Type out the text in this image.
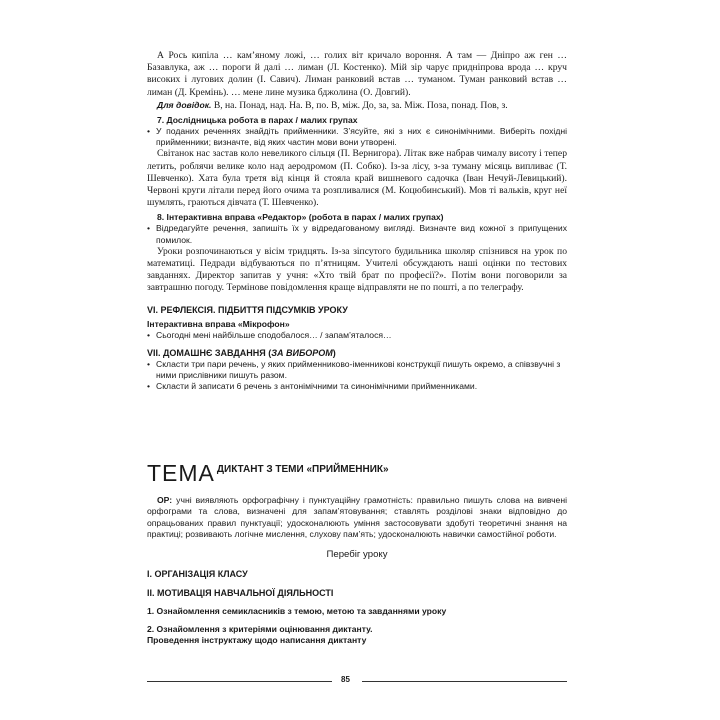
А Рось кипіла … кам’яному ложі, … голих віт кричало вороння. А там — Дніпро аж ген … Базавлука, аж … пороги й далі … лиман (Л. Костенко). Мій зір чарує придніпрова врода … круч високих і лугових долин (І. Савич). Лиман ранковий встав … туманом. Туман ранковий встав … лиман (Д. Кремінь). … мене лине музика бджолина (О. Довгий).

Для довідок. В, на. Понад, над. На. В, по. В, між. До, за, за. Між. Поза, понад. Пов, з.

7. Дослідницька робота в парах / малих групах

• У поданих реченнях знайдіть прийменники. З’ясуйте, які з них є синонімічними. Виберіть похідні прийменники; визначте, від яких частин мови вони утворені.

Світанок нас застав коло невеликого сільця (П. Вернигора). Літак вже набрав чималу висоту і тепер летить, роблячи велике коло над аеродромом (П. Собко). Із-за лісу, з-за туману місяць випливає (Т. Шевченко). Хата була третя від кінця й стояла край вишневого садочка (Іван Нечуй-Левицький). Червоні круги літали перед його очима та розпливалися (М. Коцюбинський). Мов ті вальків, круг неї шумлять, граються дівчата (Т. Шевченко).

8. Інтерактивна вправа «Редактор» (робота в парах / малих групах)

• Відредагуйте речення, запишіть їх у відредагованому вигляді. Визначте вид кожної з припущених помилок.

Уроки розпочинаються у вісім тридцять. Із-за зіпсутого будильника школяр спізнився на урок по математиці. Педради відбуваються по п’ятницям. Учителі обсуждають наші оцінки по тестових завданнях. Директор запитав у учня: «Хто твій брат по професії?». Потім вони поговорили за завтрашню погоду. Термінове повідомлення краще відправляти не по пошті, а по телеграфу.

VI. РЕФЛЕКСІЯ. ПІДБИТТЯ ПІДСУМКІВ УРОКУ

Інтерактивна вправа «Мікрофон»

• Сьогодні мені найбільше сподобалося… / запам’яталося…

VII. ДОМАШНЄ ЗАВДАННЯ (ЗА ВИБОРОМ)

• Скласти три пари речень, у яких прийменниково-іменникові конструкції пишуть окремо, а співзвучні з ними прислівники пишуть разом.

• Скласти й записати 6 речень з антонімічними та синонімічними прийменниками.

ТЕМА ДИКТАНТ З ТЕМИ «ПРИЙМЕННИК»

ОР: учні виявляють орфографічну і пунктуаційну грамотність: правильно пишуть слова на вивчені орфограми та слова, визначені для запам’ятовування; ставлять розділові знаки відповідно до опрацьованих правил пунктуації; удосконалюють уміння застосовувати здобуті теоретичні знання на практиці; розвивають логічне мислення, слухову пам’ять; удосконалюють навички самостійної роботи.

Перебіг уроку

I. ОРГАНІЗАЦІЯ КЛАСУ

II. МОТИВАЦІЯ НАВЧАЛЬНОЇ ДІЯЛЬНОСТІ

1. Ознайомлення семикласників з темою, метою та завданнями уроку

2. Ознайомлення з критеріями оцінювання диктанту.

Проведення інструктажу щодо написання диктанту

85
